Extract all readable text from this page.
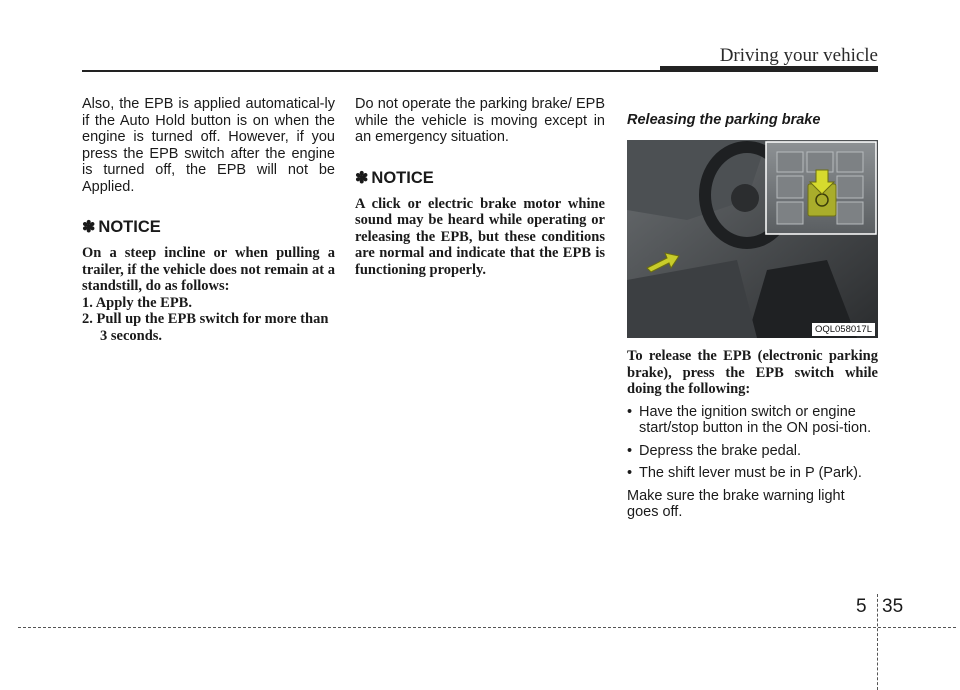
Driving your vehicle

Also, the EPB is applied automatical-ly if the Auto Hold button is on when the engine is turned off. However, if you press the EPB switch after the engine is turned off, the EPB will not be Applied.

✽ NOTICE

On a steep incline or when pulling a trailer, if the vehicle does not remain at a standstill, do as follows:

1. Apply the EPB.
2. Pull up the EPB switch for more than 3 seconds.

Do not operate the parking brake/ EPB while the vehicle is moving except in an emergency situation.

✽ NOTICE

A click or electric brake motor whine sound may be heard while operating or releasing the EPB, but these conditions are normal and indicate that the EPB is functioning properly.

Releasing the parking brake
OQL058017L

To release the EPB (electronic parking brake), press the EPB switch while doing the following:

• Have the ignition switch or engine start/stop button in the ON posi-tion.

• Depress the brake pedal.

• The shift lever must be in P (Park).

Make sure the brake warning light goes off.

5 35
